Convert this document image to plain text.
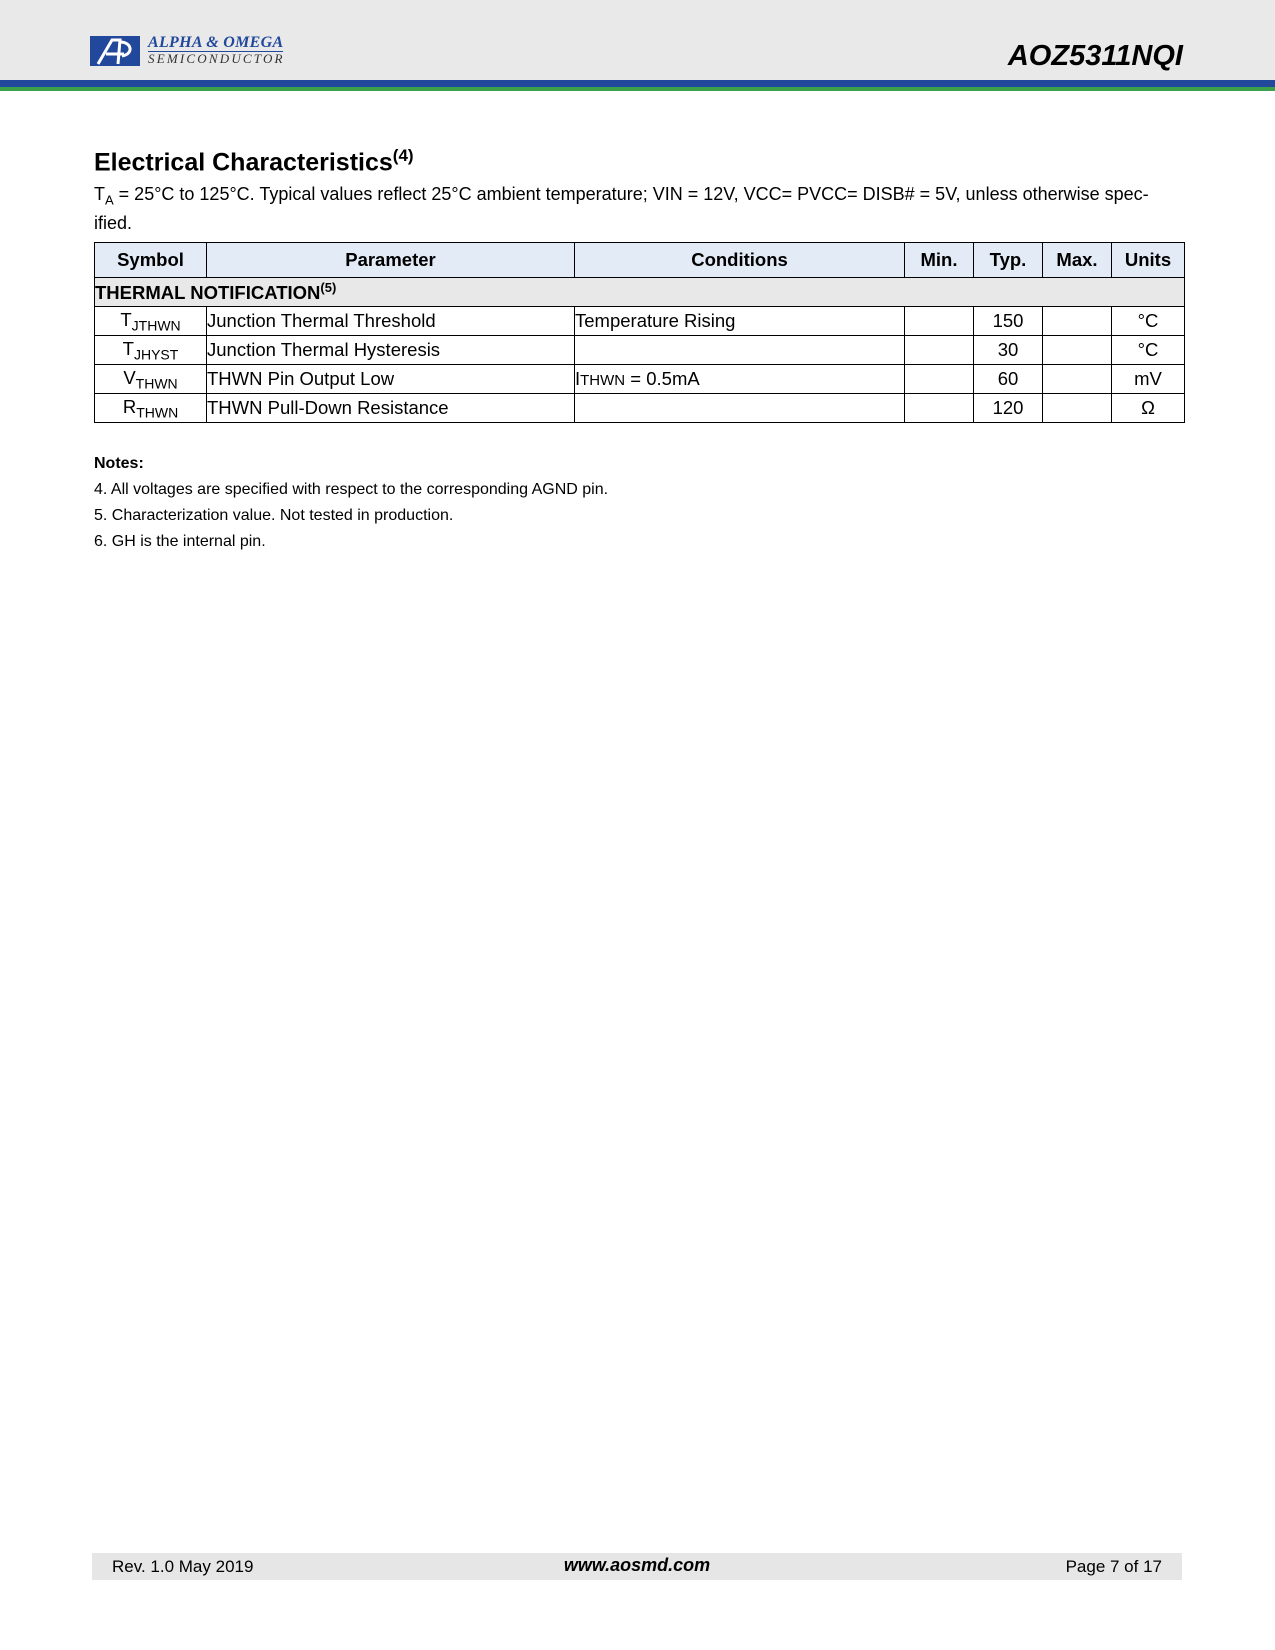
ALPHA & OMEGA
SEMICONDUCTOR	AOZ5311NQI
Electrical Characteristics$^{(4)}$

$T_A = 25^\circ C$ to 125°C. Typical values reflect 25°C ambient temperature; VIN = 12V, VCC= PVCC= DISB# = 5V, unless otherwise spec-ified.

Symbol	Parameter	Conditions	Min.	Typ.	Max.	Units
THERMAL NOTIFICATION$^{(5)}$
$T_{JTHWN}$	Junction Thermal Threshold	Temperature Rising		150		°C
$T_{JHYST}$	Junction Thermal Hysteresis			30		°C
$V_{THWN}$	THWN Pin Output Low	ITHWN = 0.5mA		60		mV
$R_{THWN}$	THWN Pull-Down Resistance			120		Ω
Notes:
4. All voltages are specified with respect to the corresponding AGND pin.
5. Characterization value. Not tested in production.
6. GH is the internal pin.
Rev. 1.0 May 2019	www.aosmd.com	Page 7 of 17
